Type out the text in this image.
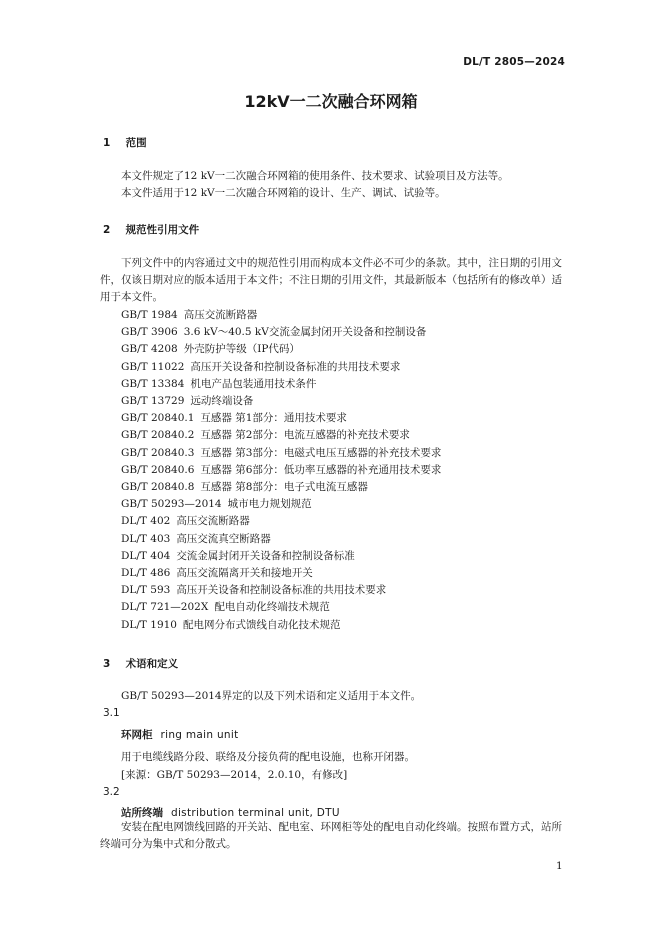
DL/T 2805—2024
12kV一二次融合环网箱
1 范围
本文件规定了12 kV一二次融合环网箱的使用条件、技术要求、试验项目及方法等。
本文件适用于12 kV一二次融合环网箱的设计、生产、调试、试验等。
2 规范性引用文件
下列文件中的内容通过文中的规范性引用而构成本文件必不可少的条款。其中，注日期的引用文件，仅该日期对应的版本适用于本文件；不注日期的引用文件，其最新版本（包括所有的修改单）适用于本文件。
GB/T 1984 高压交流断路器
GB/T 3906 3.6 kV～40.5 kV交流金属封闭开关设备和控制设备
GB/T 4208 外壳防护等级（IP代码）
GB/T 11022 高压开关设备和控制设备标准的共用技术要求
GB/T 13384 机电产品包装通用技术条件
GB/T 13729 远动终端设备
GB/T 20840.1 互感器 第1部分：通用技术要求
GB/T 20840.2 互感器 第2部分：电流互感器的补充技术要求
GB/T 20840.3 互感器 第3部分：电磁式电压互感器的补充技术要求
GB/T 20840.6 互感器 第6部分：低功率互感器的补充通用技术要求
GB/T 20840.8 互感器 第8部分：电子式电流互感器
GB/T 50293—2014 城市电力规划规范
DL/T 402 高压交流断路器
DL/T 403 高压交流真空断路器
DL/T 404 交流金属封闭开关设备和控制设备标准
DL/T 486 高压交流隔离开关和接地开关
DL/T 593 高压开关设备和控制设备标准的共用技术要求
DL/T 721—202X 配电自动化终端技术规范
DL/T 1910 配电网分布式馈线自动化技术规范
3 术语和定义
GB/T 50293—2014界定的以及下列术语和定义适用于本文件。
3.1
环网柜 ring main unit
用于电缆线路分段、联络及分接负荷的配电设施，也称开闭器。
[来源：GB/T 50293—2014，2.0.10，有修改]
3.2
站所终端 distribution terminal unit, DTU
安装在配电网馈线回路的开关站、配电室、环网柜等处的配电自动化终端。按照布置方式，站所终端可分为集中式和分散式。
1
